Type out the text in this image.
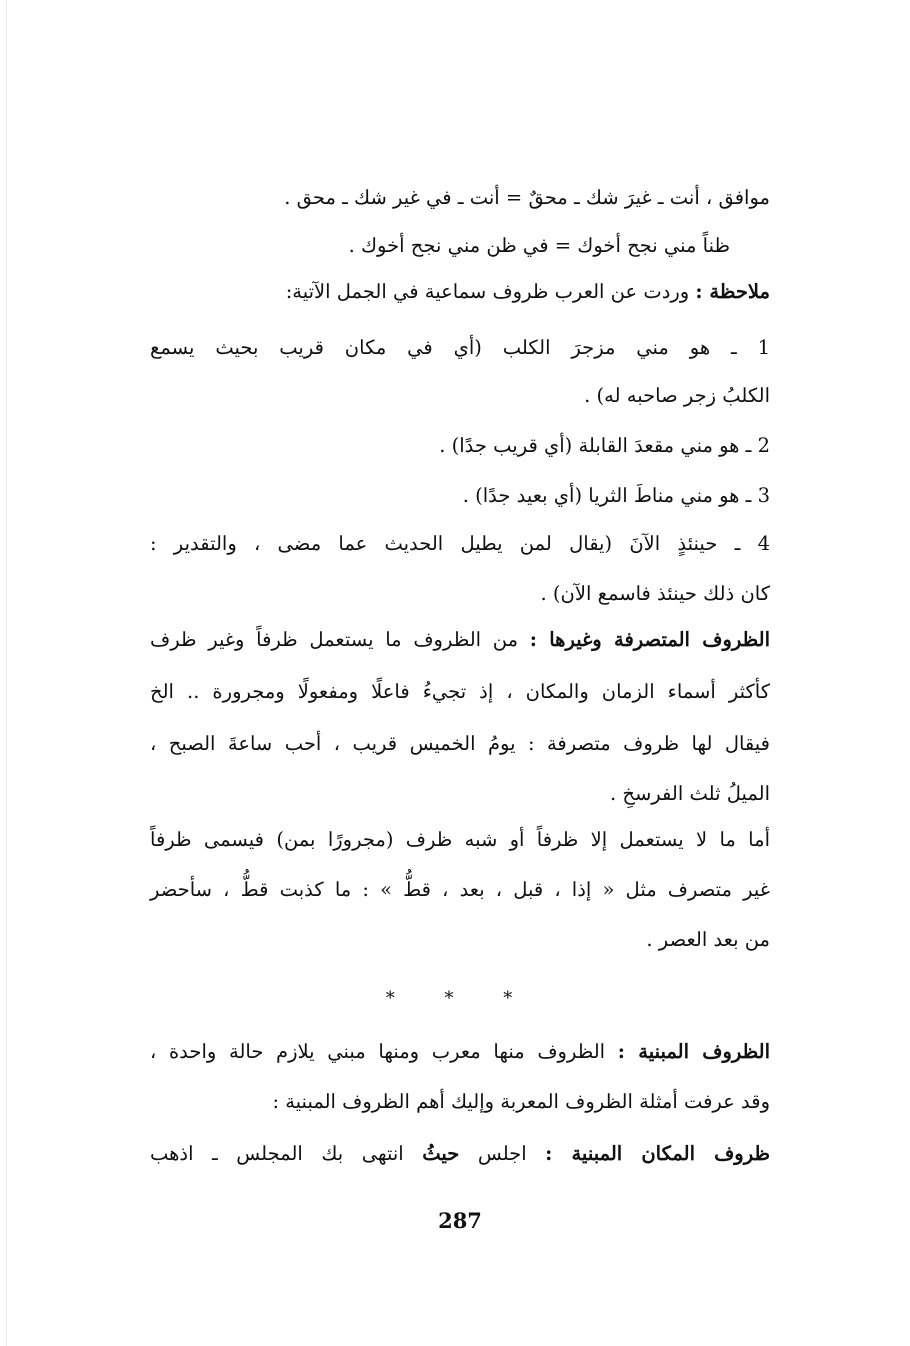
موافق ، أنت ـ غيرَ شك ـ محقٌ = أنت ـ في غير شك ـ محق .
ظناً مني نجح أخوك = في ظن مني نجح أخوك .
ملاحظة : وردت عن العرب ظروف سماعية في الجمل الآتية:
1 ـ هو مني مزجرَ الكلب (أي في مكان قريب بحيث يسمع
الكلبُ زجر صاحبه له) .
2 ـ هو مني مقعدَ القابلة (أي قريب جدًا) .
3 ـ هو مني مناطَ الثريا (أي بعيد جدًا) .
4 ـ حينئذٍ الآنَ (يقال لمن يطيل الحديث عما مضى ، والتقدير :
كان ذلك حينئذ فاسمع الآن) .
الظروف المتصرفة وغيرها : من الظروف ما يستعمل ظرفاً وغير ظرف
كأكثر أسماء الزمان والمكان ، إذ تجيءُ فاعلًا ومفعولًا ومجرورة .. الخ
فيقال لها ظروف متصرفة : يومُ الخميس قريب ، أحب ساعةَ الصبح ،
الميلُ ثلث الفرسخِ .
أما ما لا يستعمل إلا ظرفاً أو شبه ظرف (مجرورًا بمن) فيسمى ظرفاً
غير متصرف مثل « إذا ، قبل ، بعد ، قطُّ » : ما كذبت قطُّ ، سأحضر
من بعد العصر .
* * *
الظروف المبنية : الظروف منها معرب ومنها مبني يلازم حالة واحدة ،
وقد عرفت أمثلة الظروف المعربة وإليك أهم الظروف المبنية :
ظروف المكان المبنية : اجلس حيثُ انتهى بك المجلس ـ اذهب
287
